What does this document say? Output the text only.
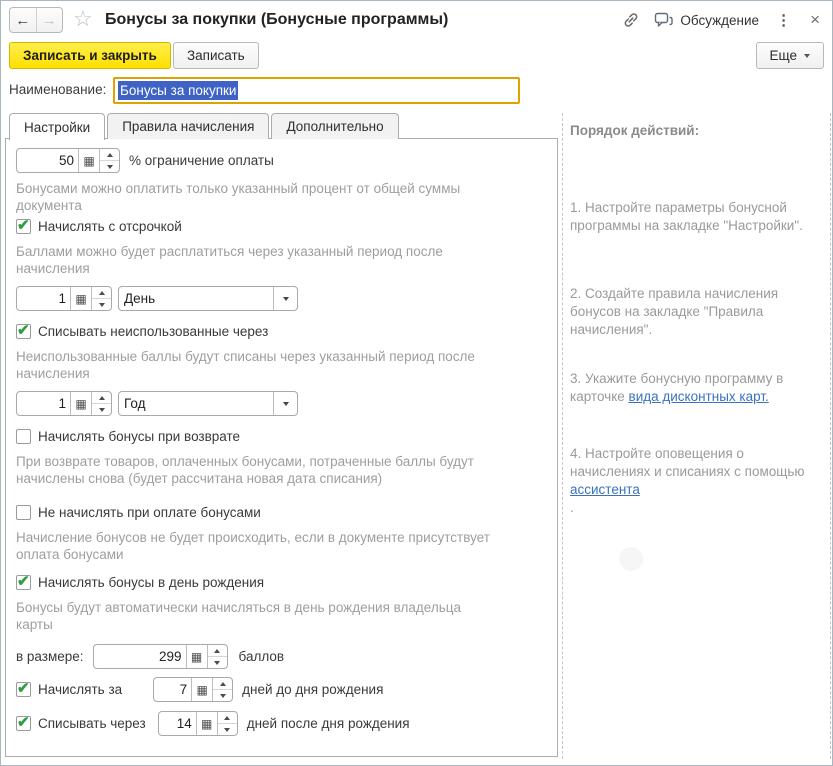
← → ☆ Бонусы за покупки (Бонусные программы)	Обсуждение ⋮ ×
Записать и закрыть	Записать	Еще
Наименование: Бонусы за покупки
Настройки	Правила начисления	Дополнительно
50 ▦	% ограничение оплаты
Бонусами можно оплатить только указанный процент от общей суммы документа
✔
Начислять с отсрочкой
Баллами можно будет расплатиться через указанный период после начисления
1 ▦	День
✔
Списывать неиспользованные через
Неиспользованные баллы будут списаны через указанный период после начисления
1 ▦	Год
Начислять бонусы при возврате
При возврате товаров, оплаченных бонусами, потраченные баллы будут начислены снова (будет рассчитана новая дата списания)
Не начислять при оплате бонусами
Начисление бонусов не будет происходить, если в документе присутствует оплата бонусами
✔
Начислять бонусы в день рождения
Бонусы будут автоматически начисляться в день рождения владельца карты
в размере:	299 ▦	баллов
✔
Начислять за	7 ▦	дней до дня рождения
✔
Списывать через	14 ▦	дней после дня рождения
Порядок действий:
1. Настройте параметры бонусной программы на закладке "Настройки".
2. Создайте правила начисления бонусов на закладке "Правила начисления".
3. Укажите бонусную программу в карточке вида дисконтных карт.
4. Настройте оповещения о начислениях и списаниях с помощью ассистента
.
